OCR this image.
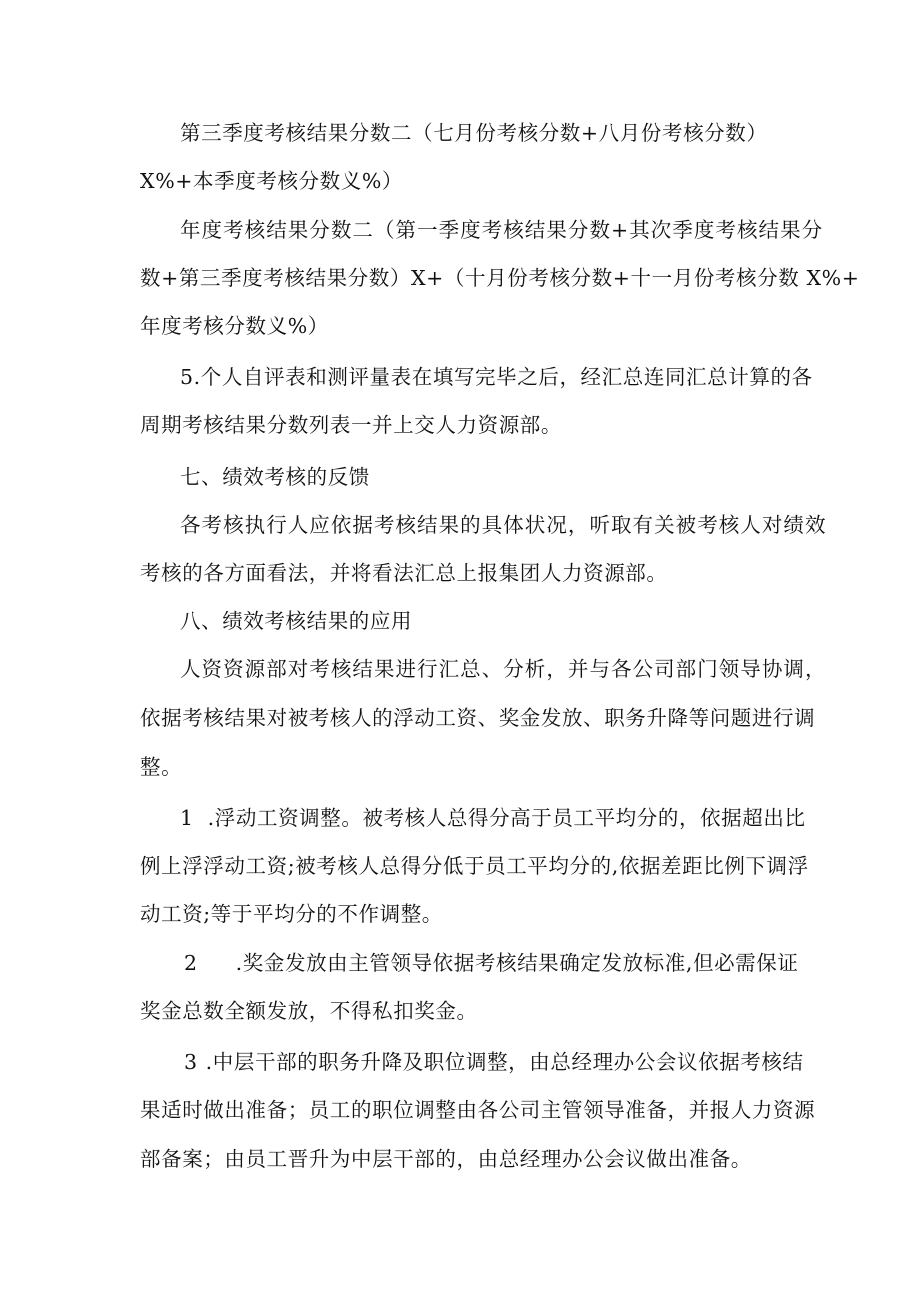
第三季度考核结果分数二（七月份考核分数+八月份考核分数）
X%+本季度考核分数义%）
年度考核结果分数二（第一季度考核结果分数+其次季度考核结果分
数+第三季度考核结果分数）X+（十月份考核分数+十一月份考核分数 X%+
年度考核分数义%）
5.个人自评表和测评量表在填写完毕之后，经汇总连同汇总计算的各
周期考核结果分数列表一并上交人力资源部。
七、绩效考核的反馈
各考核执行人应依据考核结果的具体状况，听取有关被考核人对绩效
考核的各方面看法，并将看法汇总上报集团人力资源部。
八、绩效考核结果的应用
人资资源部对考核结果进行汇总、分析，并与各公司部门领导协调，
依据考核结果对被考核人的浮动工资、奖金发放、职务升降等问题进行调
整。
1 .浮动工资调整。被考核人总得分高于员工平均分的，依据超出比
例上浮浮动工资;被考核人总得分低于员工平均分的,依据差距比例下调浮
动工资;等于平均分的不作调整。
2 .奖金发放由主管领导依据考核结果确定发放标准,但必需保证
奖金总数全额发放，不得私扣奖金。
3 .中层干部的职务升降及职位调整，由总经理办公会议依据考核结
果适时做出准备；员工的职位调整由各公司主管领导准备，并报人力资源
部备案；由员工晋升为中层干部的，由总经理办公会议做出准备。
